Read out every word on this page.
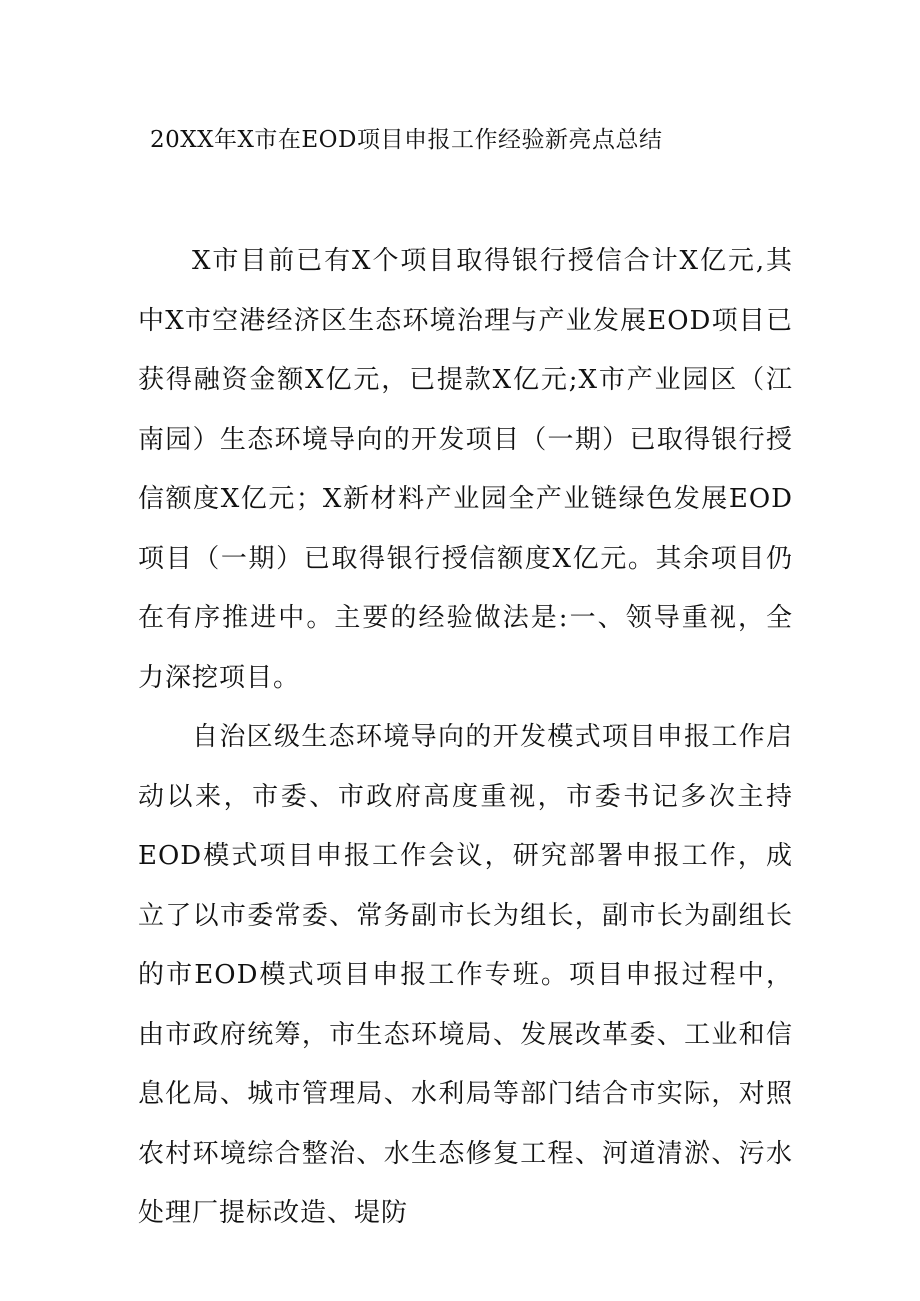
20XX年X市在EOD项目申报工作经验新亮点总结

X市目前已有X个项目取得银行授信合计X亿元,其中X市空港经济区生态环境治理与产业发展EOD项目已获得融资金额X亿元，已提款X亿元;X市产业园区（江南园）生态环境导向的开发项目（一期）已取得银行授信额度X亿元；X新材料产业园全产业链绿色发展EOD项目（一期）已取得银行授信额度X亿元。其余项目仍在有序推进中。主要的经验做法是:一、领导重视，全力深挖项目。

自治区级生态环境导向的开发模式项目申报工作启动以来，市委、市政府高度重视，市委书记多次主持EOD模式项目申报工作会议，研究部署申报工作，成立了以市委常委、常务副市长为组长，副市长为副组长的市EOD模式项目申报工作专班。项目申报过程中，由市政府统筹，市生态环境局、发展改革委、工业和信息化局、城市管理局、水利局等部门结合市实际，对照农村环境综合整治、水生态修复工程、河道清淤、污水处理厂提标改造、堤防
